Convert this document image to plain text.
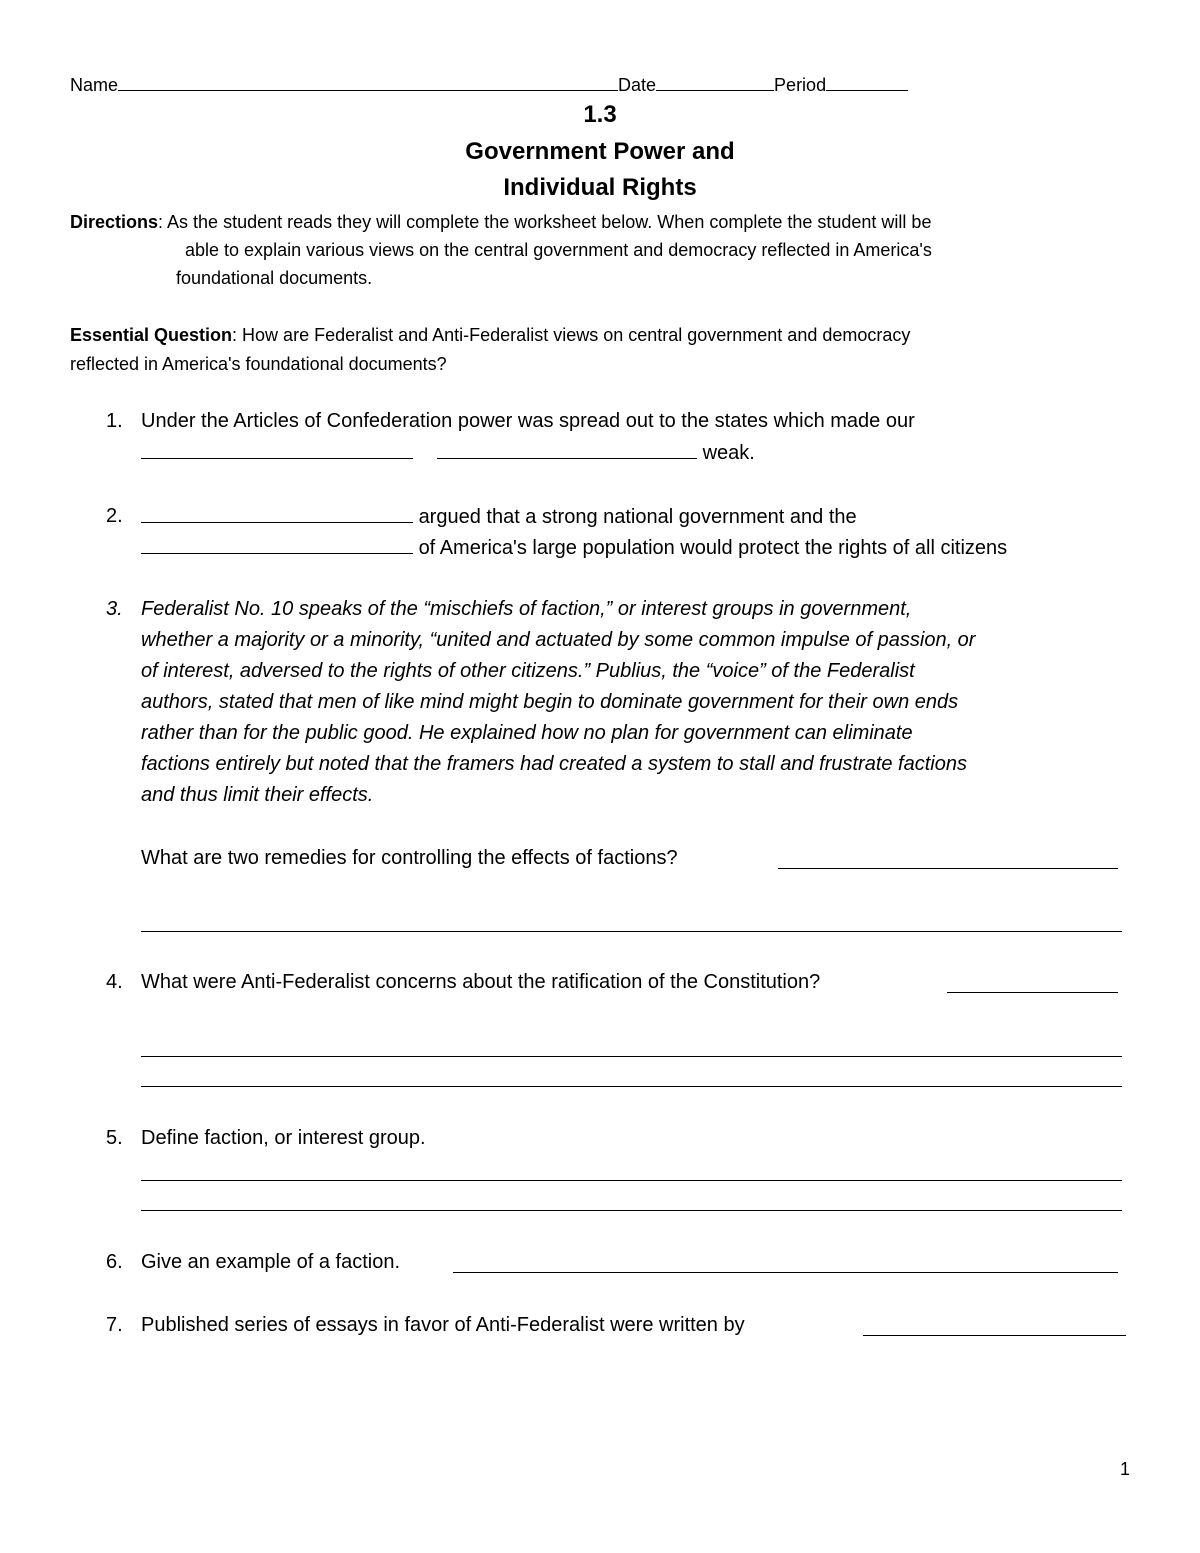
Name	Date	Period
1.3
Government Power and
Individual Rights
Directions: As the student reads they will complete the worksheet below. When complete the student will be
able to explain various views on the central government and democracy reflected in America's
foundational documents.
Essential Question: How are Federalist and Anti-Federalist views on central government and democracy
reflected in America's foundational documents?
1. Under the Articles of Confederation power was spread out to the states which made our
weak.
2.	argued that a strong national government and the
of America's large population would protect the rights of all citizens
3. Federalist No. 10 speaks of the “mischiefs of faction,” or interest groups in government,
whether a majority or a minority, “united and actuated by some common impulse of passion, or
of interest, adversed to the rights of other citizens.” Publius, the “voice” of the Federalist
authors, stated that men of like mind might begin to dominate government for their own ends
rather than for the public good. He explained how no plan for government can eliminate
factions entirely but noted that the framers had created a system to stall and frustrate factions
and thus limit their effects.
What are two remedies for controlling the effects of factions?
4. What were Anti-Federalist concerns about the ratification of the Constitution?
5. Define faction, or interest group.
6. Give an example of a faction.
7. Published series of essays in favor of Anti-Federalist were written by
1
